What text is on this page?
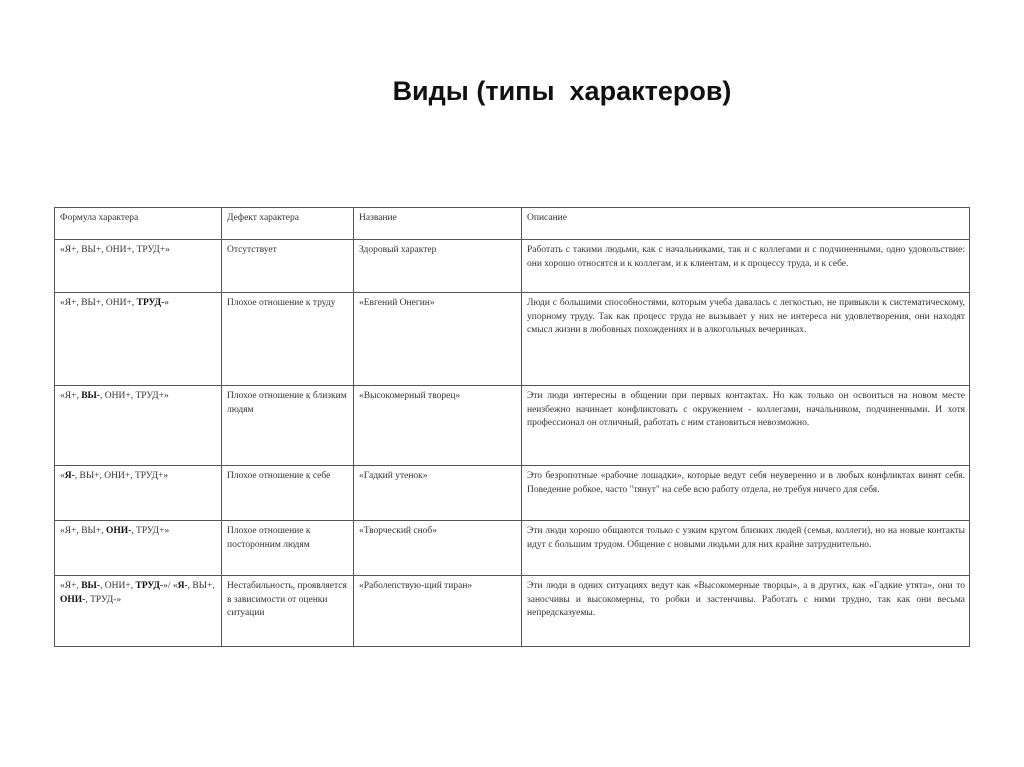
Виды (типы  характеров)
Формула характера	Дефект характера	Название	Описание
«Я+, ВЫ+, ОНИ+, ТРУД+»	Отсутствует	Здоровый характер	Работать с такими людьми, как с начальниками, так и с коллегами и с подчиненными, одно удовольствие: они хорошо относятся и к коллегам, и к клиентам, и к процессу труда, и к себе.
«Я+, ВЫ+, ОНИ+, ТРУД-»	Плохое отношение к труду	«Евгений Онегин»	Люди с большими способностями, которым учеба давалась с легкостью, не привыкли к систематическому, упорному труду. Так как процесс труда не вызывает у них не интереса ни удовлетворения, они находят смысл жизни в любовных похождениях и в алкогольных вечеринках.
«Я+, ВЫ-, ОНИ+, ТРУД+»	Плохое отношение к близким людям	«Высокомерный творец»	Эти люди интересны в общении при первых контактах. Но как только он освоиться на новом месте неизбежно начинает конфликтовать с окружением - коллегами, начальником, подчиненными. И хотя профессионал он отличный, работать с ним становиться невозможно.
«Я-, ВЫ+, ОНИ+, ТРУД+»	Плохое отношение к себе	«Гадкий утенок»	Это безропотные «рабочие лошадки», которые ведут себя неуверенно и в любых конфликтах винят себя. Поведение робкое, часто "тянут" на себе всю работу отдела, не требуя ничего для себя.
«Я+, ВЫ+, ОНИ-, ТРУД+»	Плохое отношение к посторонним людям	«Творческий сноб»	Эти люди хорошо общаются только с узким кругом близких людей (семья, коллеги), но на новые контакты идут с большим трудом. Общение с новыми людьми для них крайне затруднительно.
«Я+, ВЫ-, ОНИ+, ТРУД-»/ «Я-, ВЫ+, ОНИ-, ТРУД-»	Нестабильность, проявляется в зависимости от оценки ситуации	«Раболепствую-щий тиран»	Эти люди в одних ситуациях ведут как «Высокомерные творцы», а в других, как «Гадкие утята», они то заносчивы и высокомерны, то робки и застенчивы. Работать с ними трудно, так как они весьма непредсказуемы.
